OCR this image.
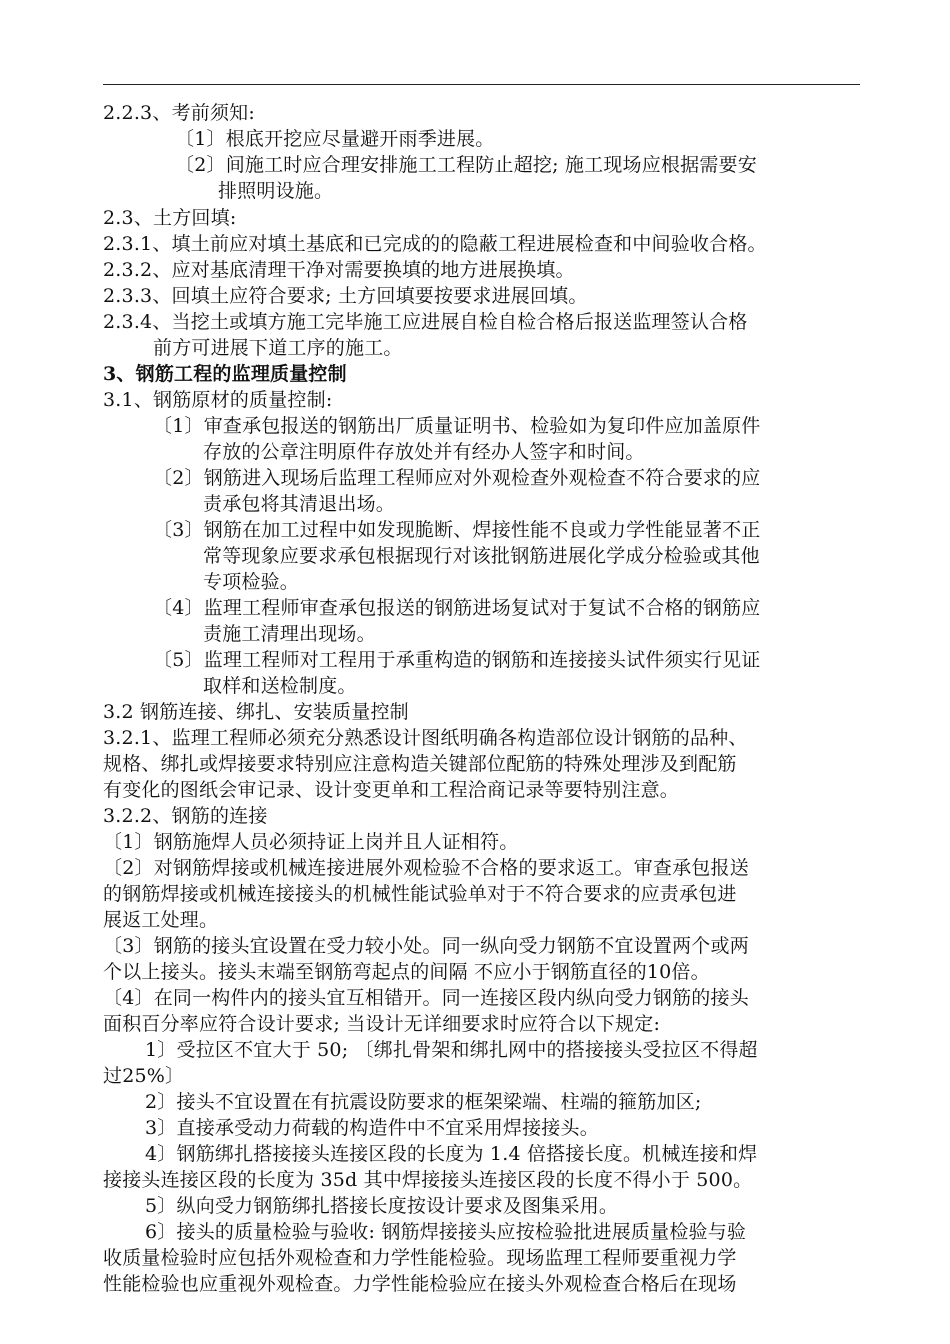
2.2.3、考前须知:
〔1〕根底开挖应尽量避开雨季进展。
〔2〕间施工时应合理安排施工工程防止超挖; 施工现场应根据需要安
排照明设施。
2.3、土方回填:
2.3.1、填土前应对填土基底和已完成的的隐蔽工程进展检查和中间验收合格。
2.3.2、应对基底清理干净对需要换填的地方进展换填。
2.3.3、回填土应符合要求; 土方回填要按要求进展回填。
2.3.4、当挖土或填方施工完毕施工应进展自检自检合格后报送监理签认合格
前方可进展下道工序的施工。
3、钢筋工程的监理质量控制
3.1、钢筋原材的质量控制:
〔1〕审查承包报送的钢筋出厂质量证明书、检验如为复印件应加盖原件
存放的公章注明原件存放处并有经办人签字和时间。
〔2〕钢筋进入现场后监理工程师应对外观检查外观检查不符合要求的应
责承包将其清退出场。
〔3〕钢筋在加工过程中如发现脆断、焊接性能不良或力学性能显著不正
常等现象应要求承包根据现行对该批钢筋进展化学成分检验或其他
专项检验。
〔4〕监理工程师审查承包报送的钢筋进场复试对于复试不合格的钢筋应
责施工清理出现场。
〔5〕监理工程师对工程用于承重构造的钢筋和连接接头试件须实行见证
取样和送检制度。
3.2 钢筋连接、绑扎、安装质量控制
3.2.1、监理工程师必须充分熟悉设计图纸明确各构造部位设计钢筋的品种、
规格、绑扎或焊接要求特别应注意构造关键部位配筋的特殊处理涉及到配筋
有变化的图纸会审记录、设计变更单和工程洽商记录等要特别注意。
3.2.2、钢筋的连接
〔1〕钢筋施焊人员必须持证上岗并且人证相符。
〔2〕对钢筋焊接或机械连接进展外观检验不合格的要求返工。审查承包报送
的钢筋焊接或机械连接接头的机械性能试验单对于不符合要求的应责承包进
展返工处理。
〔3〕钢筋的接头宜设置在受力较小处。同一纵向受力钢筋不宜设置两个或两
个以上接头。接头末端至钢筋弯起点的间隔 不应小于钢筋直径的10倍。
〔4〕在同一构件内的接头宜互相错开。同一连接区段内纵向受力钢筋的接头
面积百分率应符合设计要求; 当设计无详细要求时应符合以下规定:
1〕受拉区不宜大于 50; 〔绑扎骨架和绑扎网中的搭接接头受拉区不得超
过25%〕
2〕接头不宜设置在有抗震设防要求的框架梁端、柱端的箍筋加区;
3〕直接承受动力荷载的构造件中不宜采用焊接接头。
4〕钢筋绑扎搭接接头连接区段的长度为 1.4 倍搭接长度。机械连接和焊
接接头连接区段的长度为 35d 其中焊接接头连接区段的长度不得小于 500。
5〕纵向受力钢筋绑扎搭接长度按设计要求及图集采用。
6〕接头的质量检验与验收: 钢筋焊接接头应按检验批进展质量检验与验
收质量检验时应包括外观检查和力学性能检验。现场监理工程师要重视力学
性能检验也应重视外观检查。力学性能检验应在接头外观检查合格后在现场
